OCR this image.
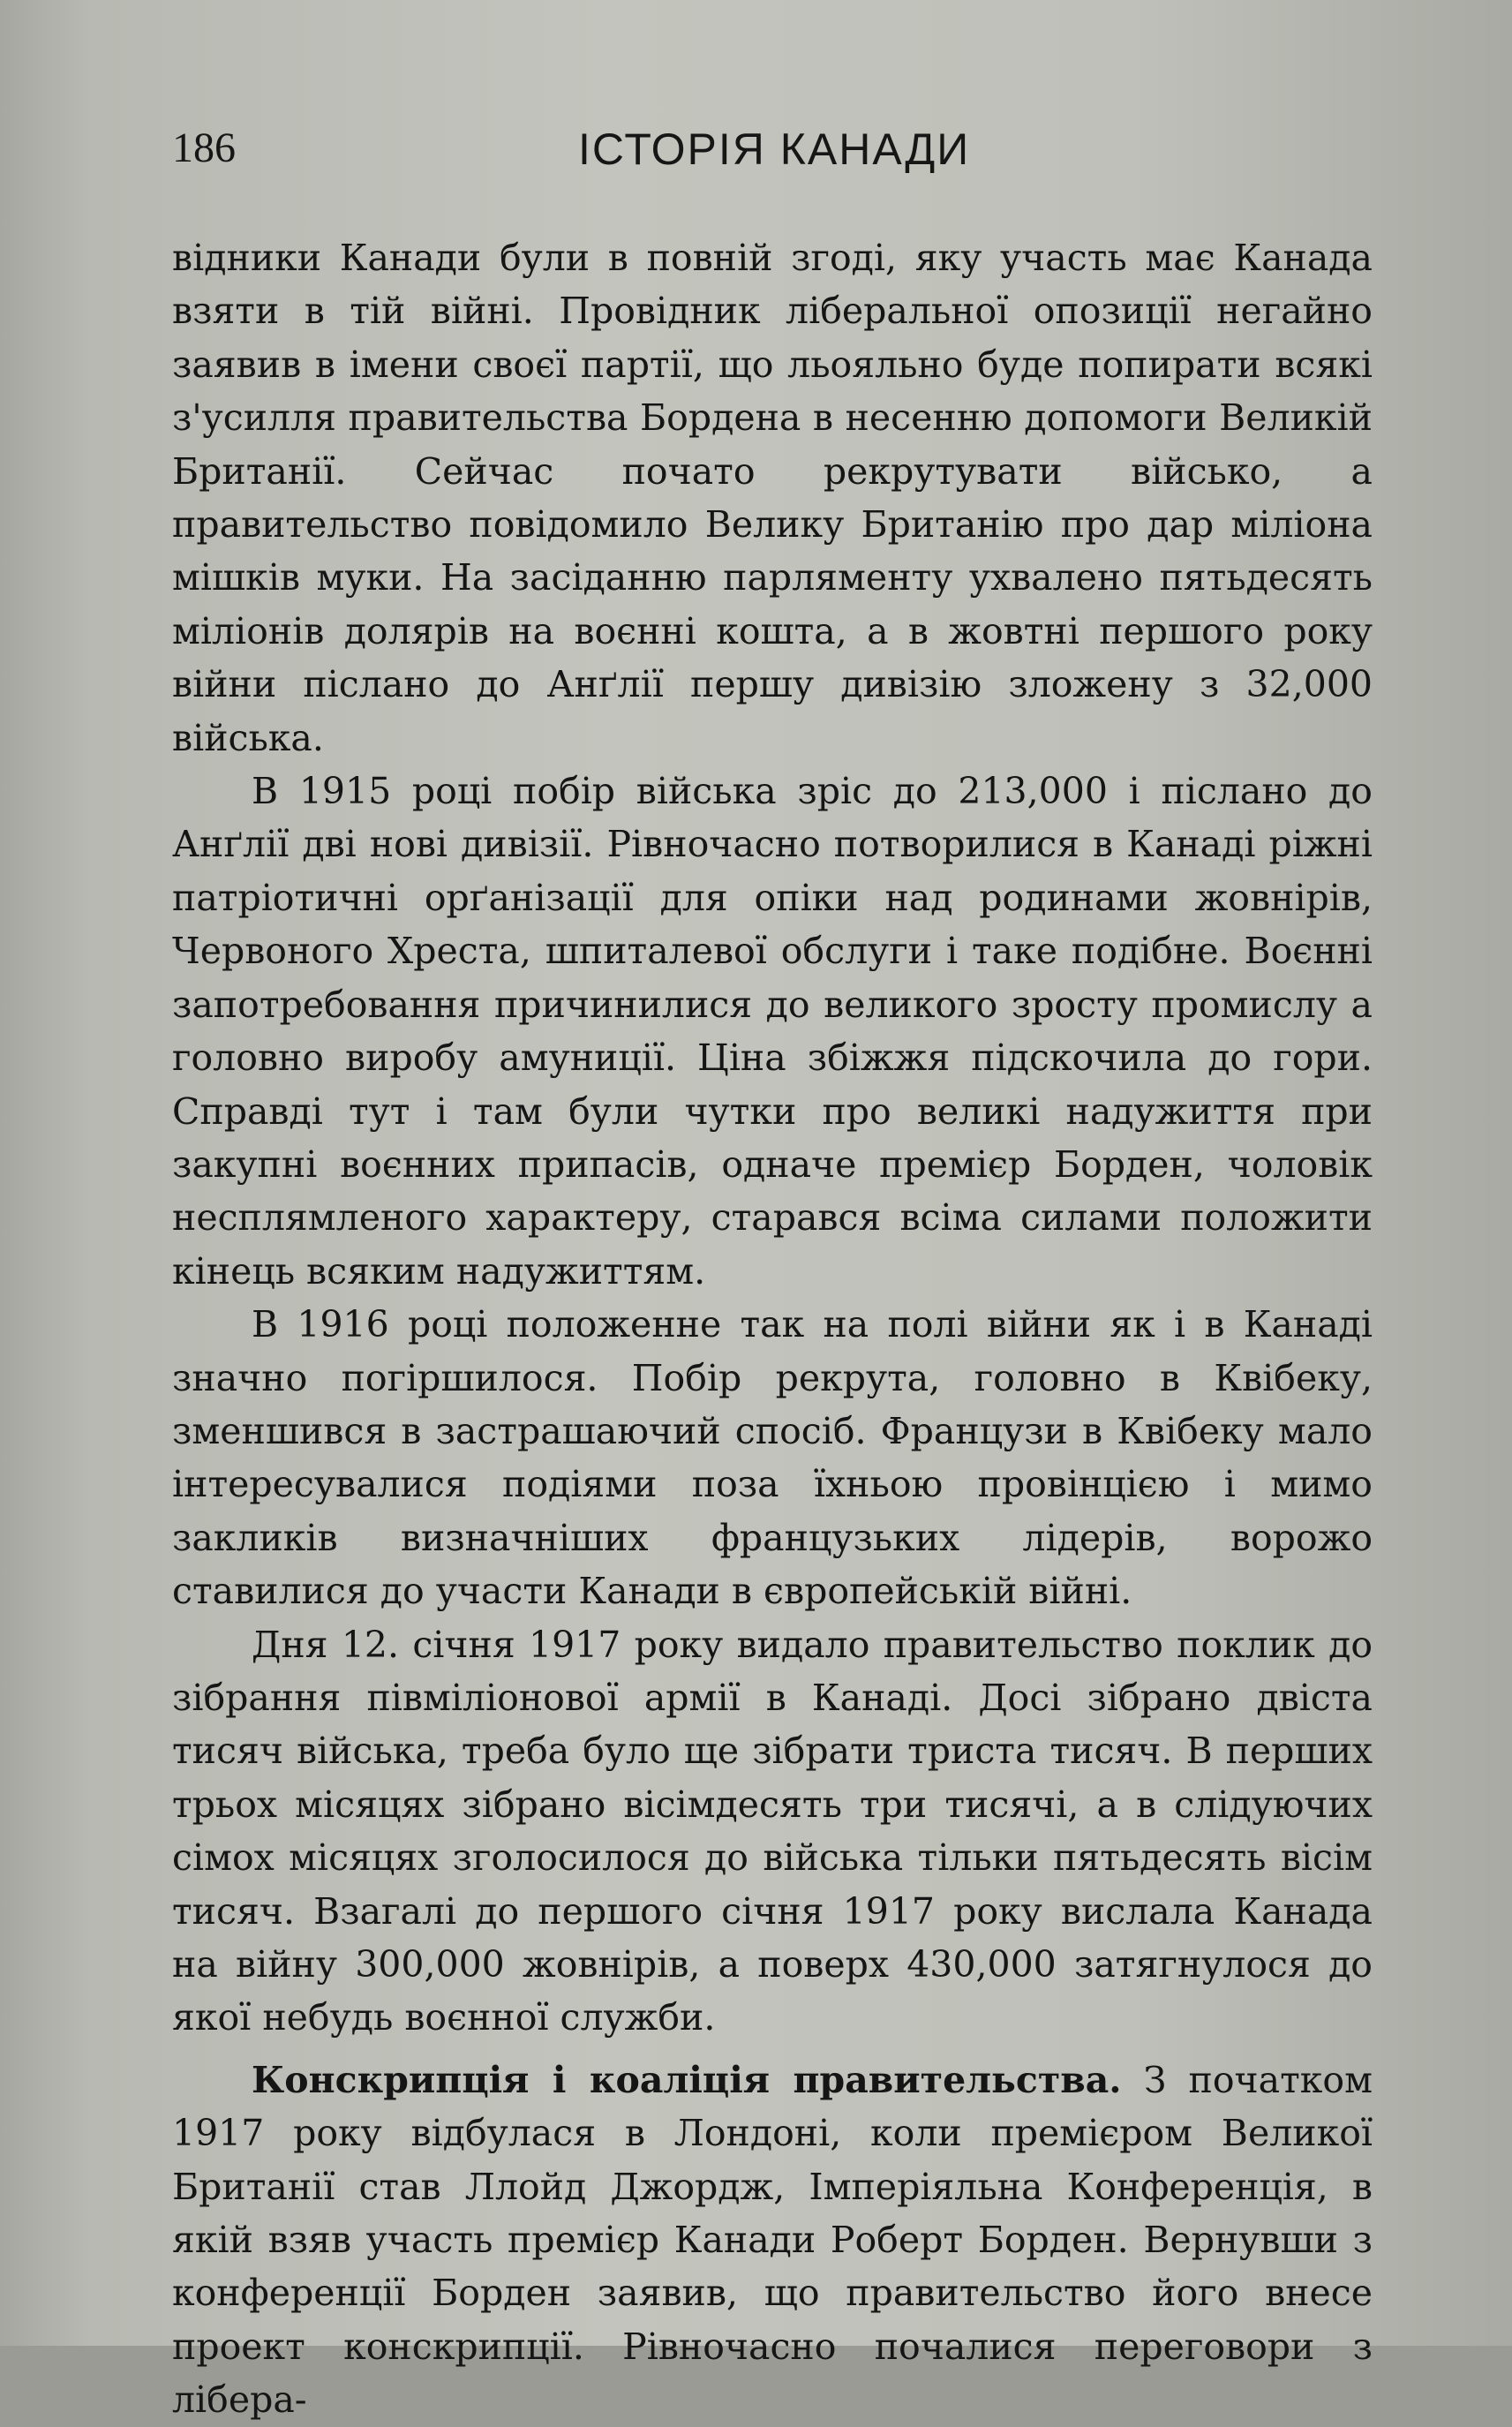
186	ІСТОРІЯ КАНАДИ

відники Канади були в повній згоді, яку участь має Канада взяти в тій війні. Провідник ліберальної опозиції негайно заявив в імени своєї партії, що льояльно буде попирати всякі з'усилля правительства Бордена в несенню допомоги Великій Британії. Сейчас почато рекрутувати військо, а правительство повідомило Велику Британію про дар міліона мішків муки. На засіданню парляменту ухвалено пятьдесять міліонів долярів на воєнні кошта, а в жовтні першого року війни післано до Анґлії першу дивізію зложену з 32,000 війська.

В 1915 році побір війська зріс до 213,000 і післано до Анґлії дві нові дивізії. Рівночасно потворилися в Канаді ріжні патріотичні орґанізації для опіки над родинами жовнірів, Червоного Хреста, шпиталевої обслуги і таке подібне. Воєнні запотребовання причинилися до великого зросту промислу а головно виробу амуниції. Ціна збіжжя підскочила до гори. Справді тут і там були чутки про великі надужиття при закупні воєнних припасів, одначе премієр Борден, чоловік несплямленого характеру, старався всіма силами положити кінець всяким надужиттям.

В 1916 році положенне так на полі війни як і в Канаді значно погіршилося. Побір рекрута, головно в Квібеку, зменшився в застрашаючий спосіб. Французи в Квібеку мало інтересувалися подіями поза їхньою провінцією і мимо закликів визначніших французьких лідерів, ворожо ставилися до участи Канади в європейській війні.

Дня 12. січня 1917 року видало правительство поклик до зібрання півміліонової армії в Канаді. Досі зібрано двіста тисяч війська, треба було ще зібрати триста тисяч. В перших трьох місяцях зібрано вісімдесять три тисячі, а в слідуючих сімох місяцях зголосилося до війська тільки пятьдесять вісім тисяч. Взагалі до першого січня 1917 року вислала Канада на війну 300,000 жовнірів, а поверх 430,000 затягнулося до якої небудь воєнної служби.

Конскрипція і коаліція правительства. З початком 1917 року відбулася в Лондоні, коли премієром Великої Британії став Ллойд Джордж, Імперіяльна Конференція, в якій взяв участь премієр Канади Роберт Борден. Вернувши з конференції Борден заявив, що правительство його внесе проект конскрипції. Рівночасно почалися переговори з лібера-
